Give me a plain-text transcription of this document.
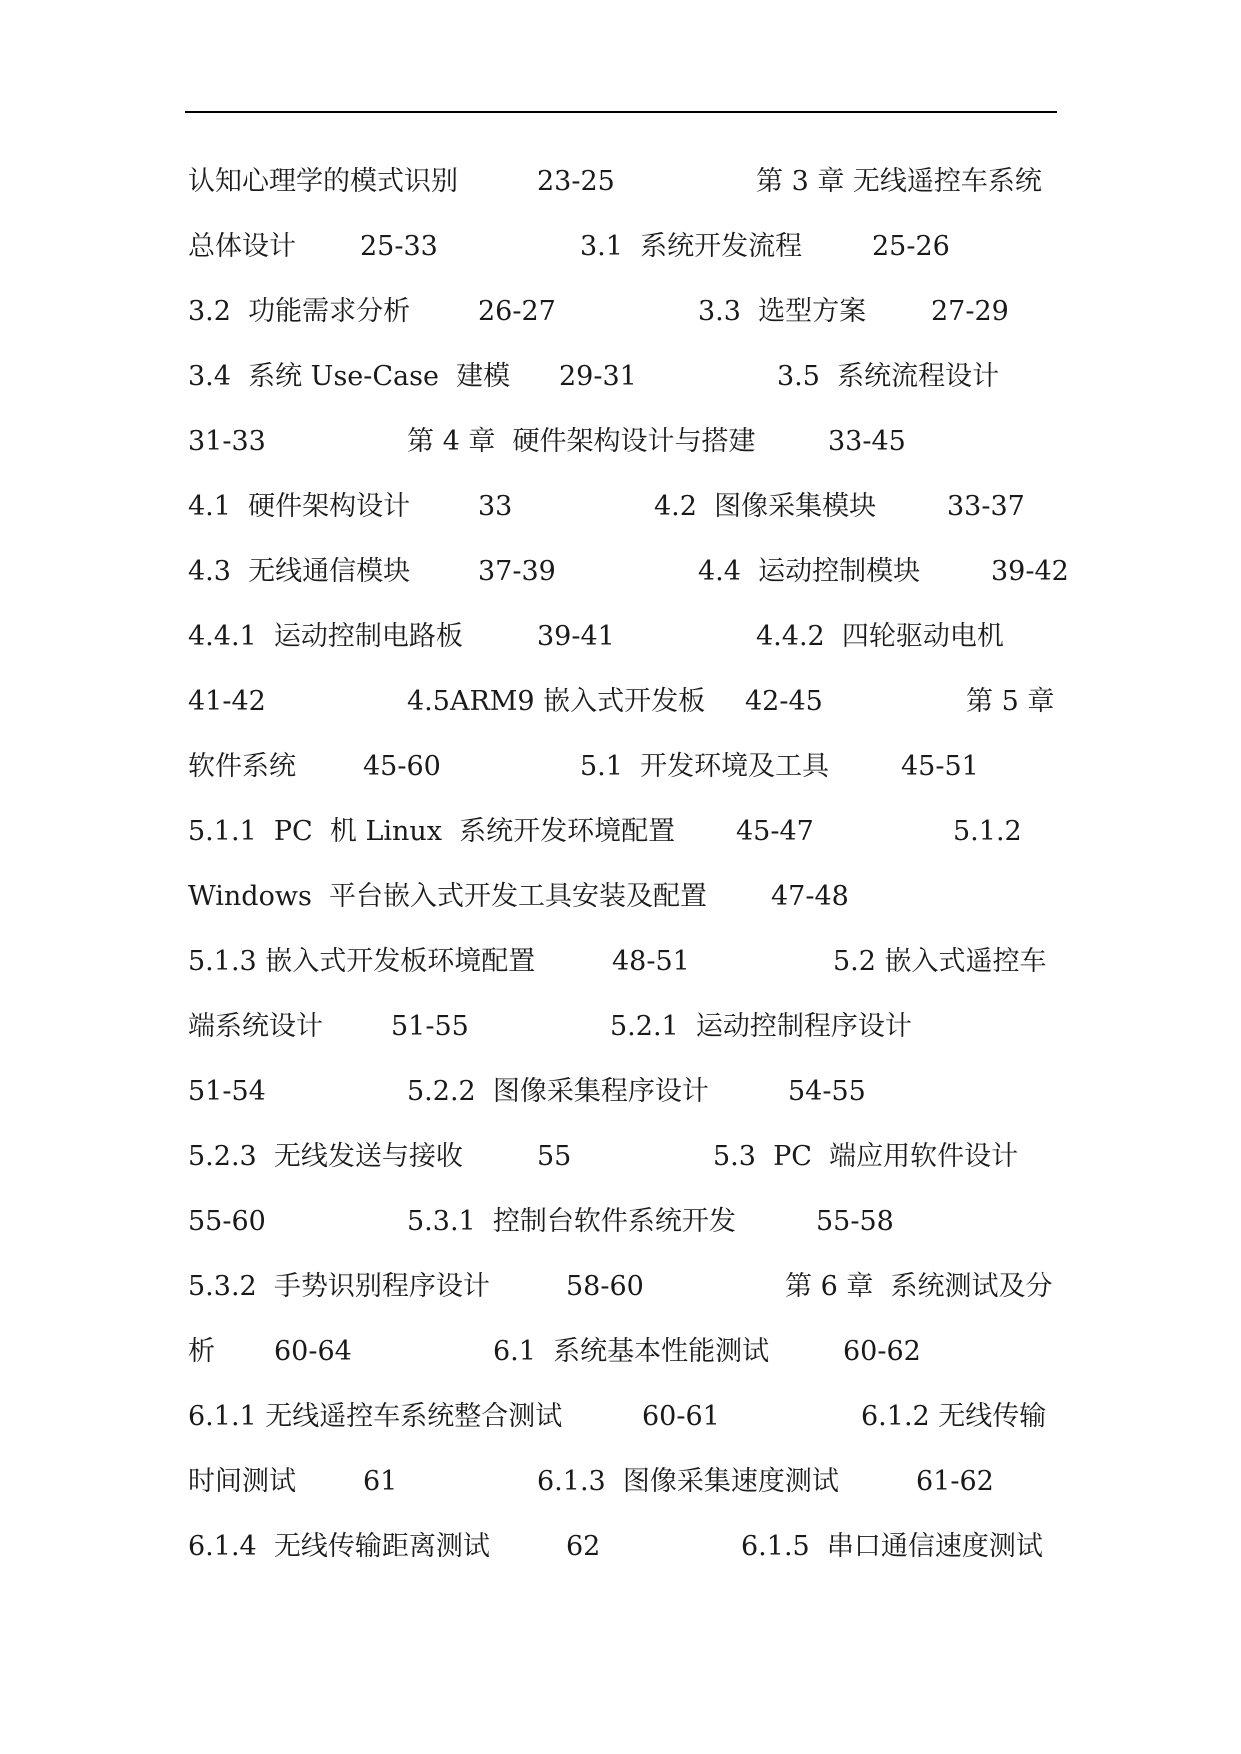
认知心理学的模式识别	23-25	第 3 章 无线遥控车系统
总体设计 25-33	3.1  系统开发流程	25-26
3.2  功能需求分析	26-27	3.3  选型方案 27-29
3.4  系统 Use-Case  建模 29-31	3.5  系统流程设计
31-33	第 4 章  硬件架构设计与搭建	33-45
4.1  硬件架构设计	33	4.2  图像采集模块	33-37
4.3  无线通信模块	37-39	4.4  运动控制模块	39-42
4.4.1  运动控制电路板	39-41	4.4.2  四轮驱动电机
41-42	4.5ARM9 嵌入式开发板 42-45	第 5 章
软件系统 45-60	5.1  开发环境及工具	45-51
5.1.1  PC  机 Linux  系统开发环境配置 45-47	5.1.2
Windows  平台嵌入式开发工具安装及配置 47-48
5.1.3 嵌入式开发板环境配置	48-51	5.2 嵌入式遥控车
端系统设计	51-55	5.2.1  运动控制程序设计
51-54	5.2.2  图像采集程序设计	54-55
5.2.3  无线发送与接收	55	5.3  PC  端应用软件设计
55-60	5.3.1  控制台软件系统开发	55-58
5.3.2  手势识别程序设计	58-60	第 6 章  系统测试及分
析 60-64	6.1  系统基本性能测试	60-62
6.1.1 无线遥控车系统整合测试	60-61	6.1.2 无线传输
时间测试 61	6.1.3  图像采集速度测试	61-62
6.1.4  无线传输距离测试	62	6.1.5  串口通信速度测试
